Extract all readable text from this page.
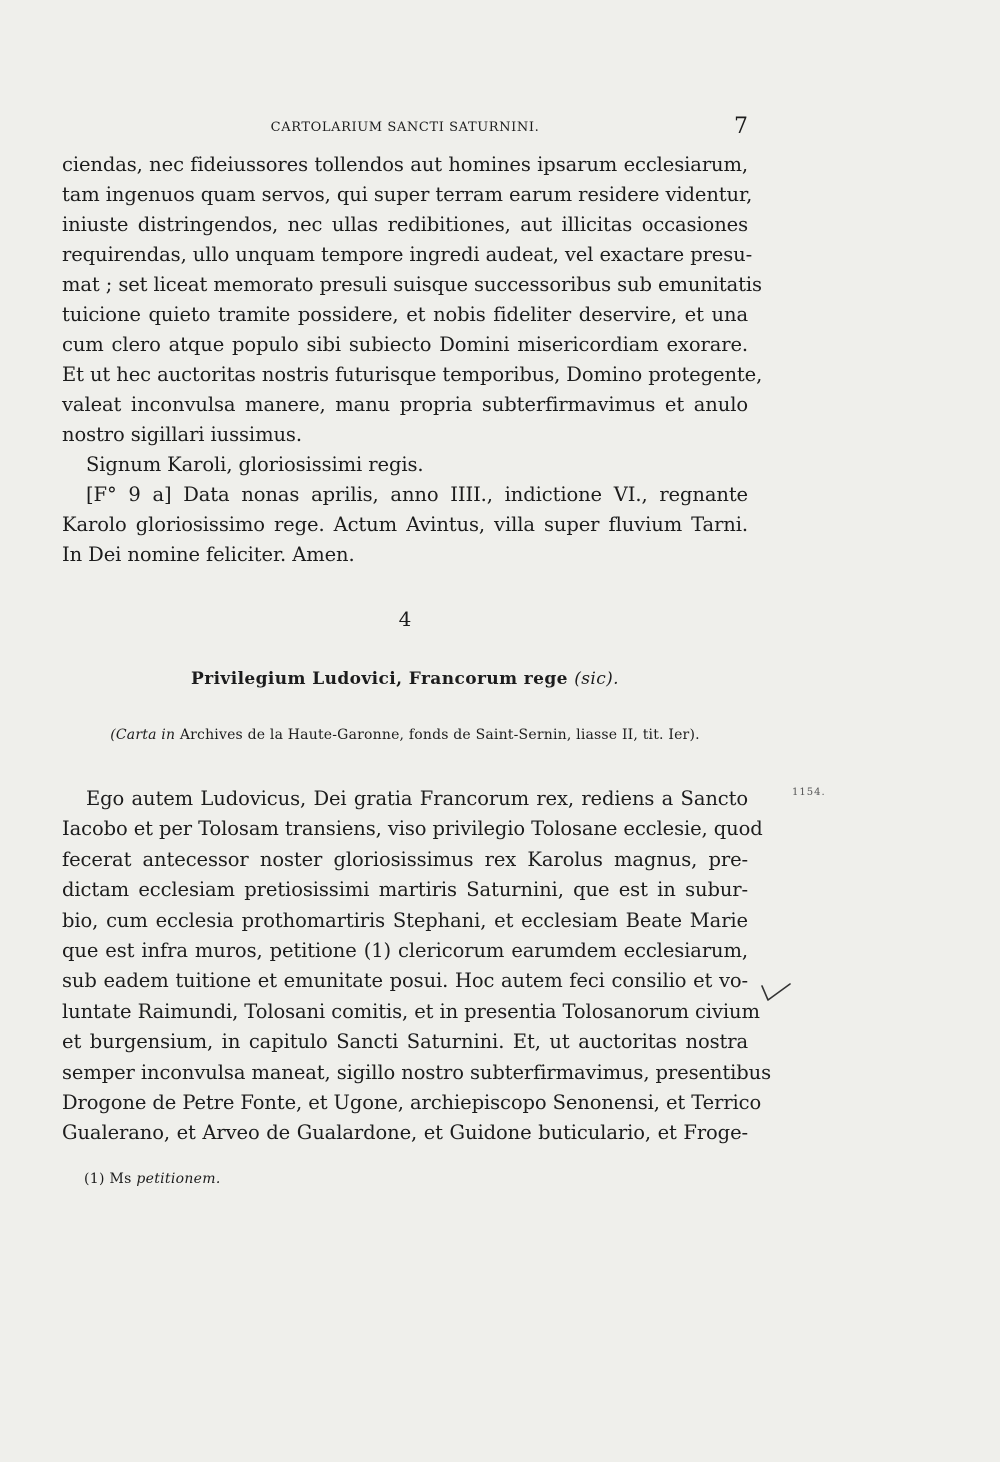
CARTOLARIUM SANCTI SATURNINI.	7
ciendas, nec fideiussores tollendos aut homines ipsarum ecclesiarum,
tam ingenuos quam servos, qui super terram earum residere videntur,
iniuste distringendos, nec ullas redibitiones, aut illicitas occasiones
requirendas, ullo unquam tempore ingredi audeat, vel exactare presu-
mat ; set liceat memorato presuli suisque successoribus sub emunitatis
tuicione quieto tramite possidere, et nobis fideliter deservire, et una
cum clero atque populo sibi subiecto Domini misericordiam exorare.
Et ut hec auctoritas nostris futurisque temporibus, Domino protegente,
valeat inconvulsa manere, manu propria subterfirmavimus et anulo
nostro sigillari iussimus.
Signum Karoli, gloriosissimi regis.
[F° 9 a] Data nonas aprilis, anno IIII., indictione VI., regnante
Karolo gloriosissimo rege. Actum Avintus, villa super fluvium Tarni.
In Dei nomine feliciter. Amen.
4
Privilegium Ludovici, Francorum rege (sic).
(Carta in Archives de la Haute-Garonne, fonds de Saint-Sernin, liasse II, tit. Ier).
1154.
Ego autem Ludovicus, Dei gratia Francorum rex, rediens a Sancto
Iacobo et per Tolosam transiens, viso privilegio Tolosane ecclesie, quod
fecerat antecessor noster gloriosissimus rex Karolus magnus, pre-
dictam ecclesiam pretiosissimi martiris Saturnini, que est in subur-
bio, cum ecclesia prothomartiris Stephani, et ecclesiam Beate Marie
que est infra muros, petitione (1) clericorum earumdem ecclesiarum,
sub eadem tuitione et emunitate posui. Hoc autem feci consilio et vo-
luntate Raimundi, Tolosani comitis, et in presentia Tolosanorum civium
et burgensium, in capitulo Sancti Saturnini. Et, ut auctoritas nostra
semper inconvulsa maneat, sigillo nostro subterfirmavimus, presentibus
Drogone de Petre Fonte, et Ugone, archiepiscopo Senonensi, et Terrico
Gualerano, et Arveo de Gualardone, et Guidone buticulario, et Froge-
(1) Ms petitionem.
